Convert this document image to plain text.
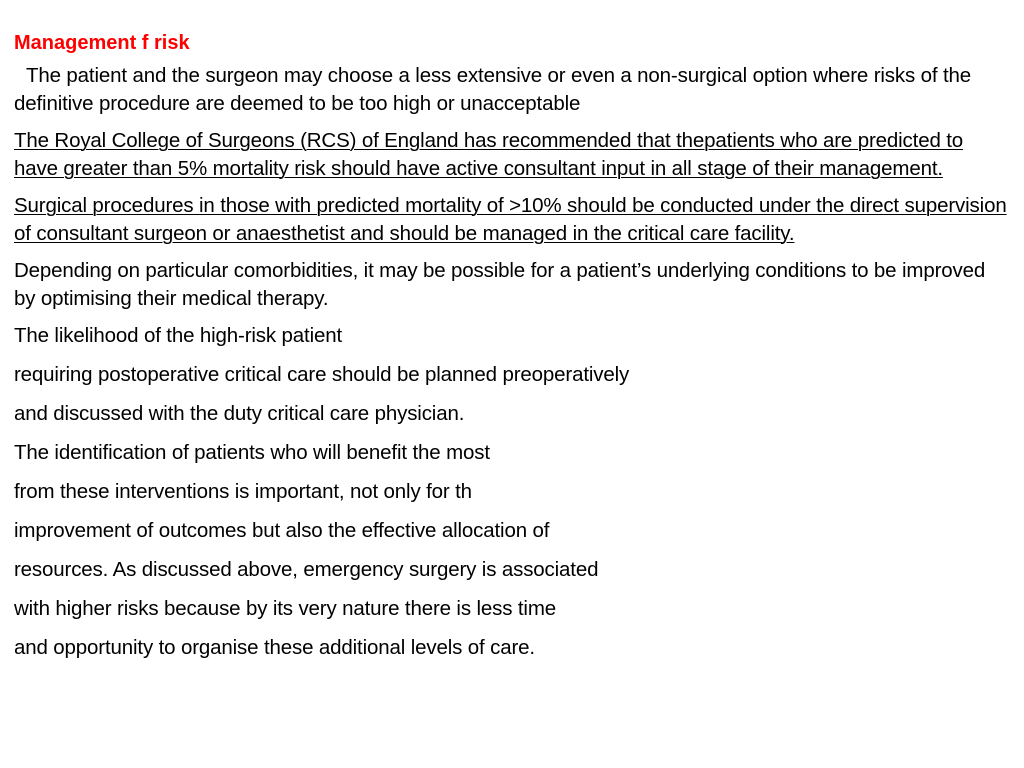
Management f risk

The patient and the surgeon may choose a less extensive or even a non-surgical option where risks of the definitive procedure are deemed to be too high or unacceptable

The Royal College of Surgeons (RCS) of England has recommended that thepatients who are predicted to have greater than 5% mortality risk should have active consultant input in all stage of their management.

Surgical procedures in those with predicted mortality of >10% should be conducted under the direct supervision of consultant surgeon or anaesthetist and should be managed in the critical care facility.

Depending on particular comorbidities, it may be possible for a patient’s underlying conditions to be improved by optimising their medical therapy.

The likelihood of the high-risk patient
requiring postoperative critical care should be planned preoperatively
and discussed with the duty critical care physician.
The identification of patients who will benefit the most
from these interventions is important, not only for th
improvement of outcomes but also the effective allocation of
resources. As discussed above, emergency surgery is associated
with higher risks because by its very nature there is less time
and opportunity to organise these additional levels of care.
